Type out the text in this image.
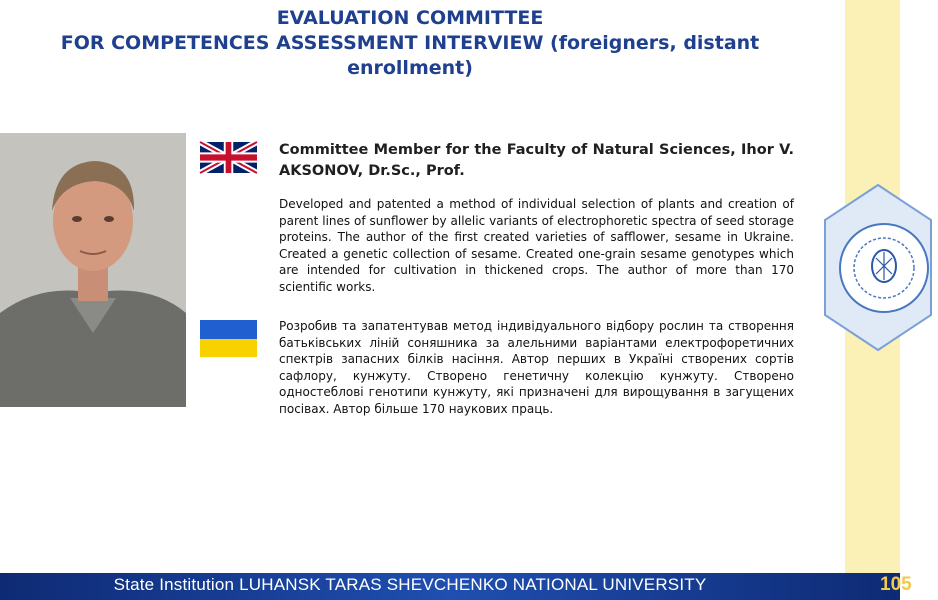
EVALUATION COMMITTEE
FOR COMPETENCES ASSESSMENT INTERVIEW (foreigners, distant enrollment)
Committee Member for the Faculty of Natural Sciences, Ihor V. AKSONOV, Dr.Sc., Prof.
Developed and patented a method of individual selection of plants and creation of parent lines of sunflower by allelic variants of electrophoretic spectra of seed storage proteins. The author of the first created varieties of safflower, sesame in Ukraine. Created a genetic collection of sesame. Created one-grain sesame genotypes which are intended for cultivation in thickened crops. The author of more than 170 scientific works.
Розробив та запатентував метод індивідуального відбору рослин та створення батьківських ліній соняшника за алельними варіантами електрофоретичних спектрів запасних білків насіння. Автор перших в Україні створених сортів сафлору, кунжуту. Створено генетичну колекцію кунжуту. Створено одностеблові генотипи кунжуту, які призначені для вирощування в загущених посівах. Автор більше 170 наукових праць.
State Institution LUHANSK TARAS SHEVCHENKO NATIONAL UNIVERSITY	105
